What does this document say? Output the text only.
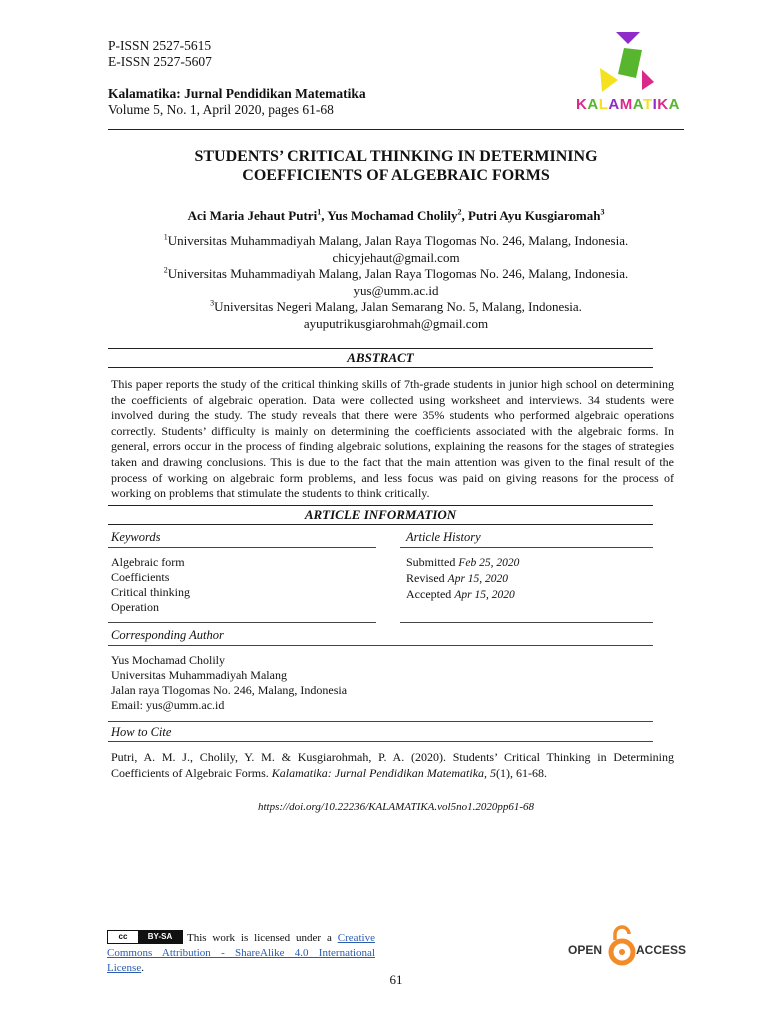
P-ISSN 2527-5615
E-ISSN 2527-5607
Kalamatika: Jurnal Pendidikan Matematika
Volume 5, No. 1, April 2020, pages 61-68	KALAMATIKA
STUDENTS’ CRITICAL THINKING IN DETERMINING
COEFFICIENTS OF ALGEBRAIC FORMS
Aci Maria Jehaut Putri$^1$, Yus Mochamad Cholily$^2$, Putri Ayu Kusgiaromah$^3$
$^1$Universitas Muhammadiyah Malang, Jalan Raya Tlogomas No. 246, Malang, Indonesia.
chicyjehaut@gmail.com
$^2$Universitas Muhammadiyah Malang, Jalan Raya Tlogomas No. 246, Malang, Indonesia.
yus@umm.ac.id
$^3$Universitas Negeri Malang, Jalan Semarang No. 5, Malang, Indonesia.
ayuputrikusgiarohmah@gmail.com
ABSTRACT
This paper reports the study of the critical thinking skills of 7th-grade students in junior high school on determining the coefficients of algebraic operation. Data were collected using worksheet and interviews. 34 students were involved during the study. The study reveals that there were 35% students who performed algebraic operations correctly. Students’ difficulty is mainly on determining the coefficients associated with the algebraic forms. In general, errors occur in the process of finding algebraic solutions, explaining the reasons for the stages of strategies taken and drawing conclusions. This is due to the fact that the main attention was given to the final result of the process of working on algebraic form problems, and less focus was paid on giving reasons for the process of working on problems that stimulate the students to think critically.
ARTICLE INFORMATION
Keywords	Article History
Algebraic form
Coefficients
Critical thinking
Operation
Submitted Feb 25, 2020
Revised Apr 15, 2020
Accepted Apr 15, 2020
Corresponding Author
Yus Mochamad Cholily
Universitas Muhammadiyah Malang
Jalan raya Tlogomas No. 246, Malang, Indonesia
Email: yus@umm.ac.id
How to Cite
Putri, A. M. J., Cholily, Y. M. & Kusgiarohmah, P. A. (2020). Students’ Critical Thinking in Determining Coefficients of Algebraic Forms. Kalamatika: Jurnal Pendidikan Matematika, 5(1), 61-68.
https://doi.org/10.22236/KALAMATIKA.vol5no1.2020pp61-68
cc	BY-SA	This work is licensed under a Creative Commons Attribution - ShareAlike 4.0 International License.
OPEN	ACCESS
61
